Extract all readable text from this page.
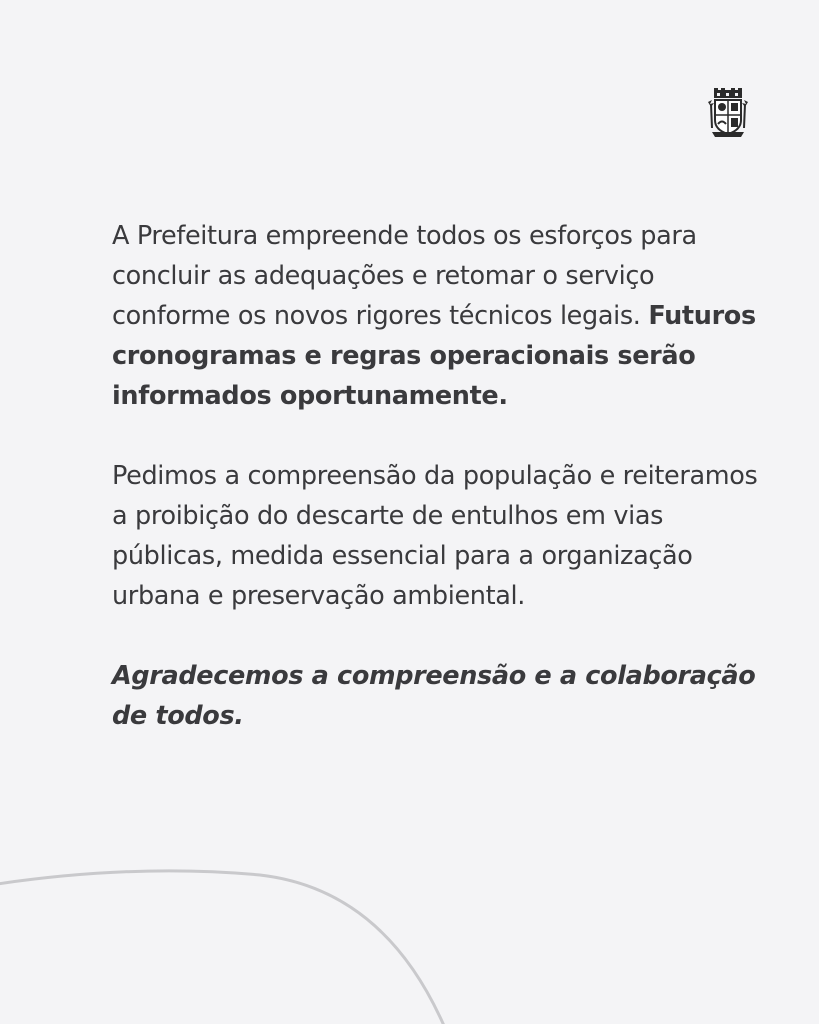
A Prefeitura empreende todos os esforços para concluir as adequações e retomar o serviço conforme os novos rigores técnicos legais. Futuros cronogramas e regras operacionais serão informados oportunamente.

Pedimos a compreensão da população e reiteramos a proibição do descarte de entulhos em vias públicas, medida essencial para a organização urbana e preservação ambiental.

Agradecemos a compreensão e a colaboração de todos.
